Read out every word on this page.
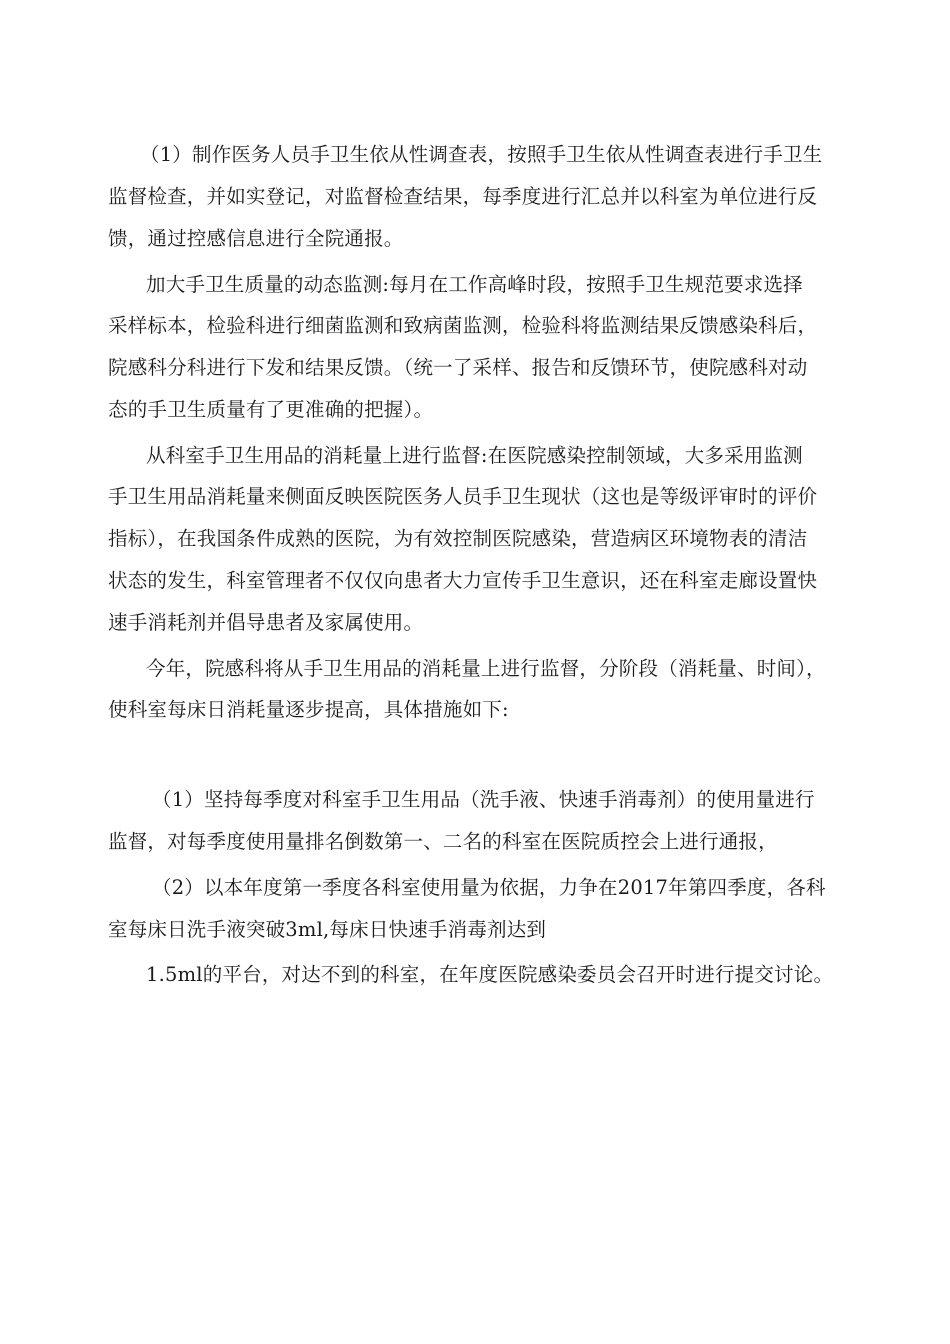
（1）制作医务人员手卫生依从性调查表，按照手卫生依从性调查表进行手卫生
监督检查，并如实登记，对监督检查结果，每季度进行汇总并以科室为单位进行反
馈，通过控感信息进行全院通报。
加大手卫生质量的动态监测:每月在工作高峰时段，按照手卫生规范要求选择
采样标本，检验科进行细菌监测和致病菌监测，检验科将监测结果反馈感染科后，
院感科分科进行下发和结果反馈。（统一了采样、报告和反馈环节，使院感科对动
态的手卫生质量有了更准确的把握）。
从科室手卫生用品的消耗量上进行监督:在医院感染控制领域，大多采用监测
手卫生用品消耗量来侧面反映医院医务人员手卫生现状（这也是等级评审时的评价
指标），在我国条件成熟的医院，为有效控制医院感染，营造病区环境物表的清洁
状态的发生，科室管理者不仅仅向患者大力宣传手卫生意识，还在科室走廊设置快
速手消耗剂并倡导患者及家属使用。
今年，院感科将从手卫生用品的消耗量上进行监督，分阶段（消耗量、时间），
使科室每床日消耗量逐步提高，具体措施如下:
（1）坚持每季度对科室手卫生用品（洗手液、快速手消毒剂）的使用量进行
监督，对每季度使用量排名倒数第一、二名的科室在医院质控会上进行通报，
（2）以本年度第一季度各科室使用量为依据，力争在2017年第四季度，各科
室每床日洗手液突破3ml,每床日快速手消毒剂达到
1.5ml的平台，对达不到的科室，在年度医院感染委员会召开时进行提交讨论。
